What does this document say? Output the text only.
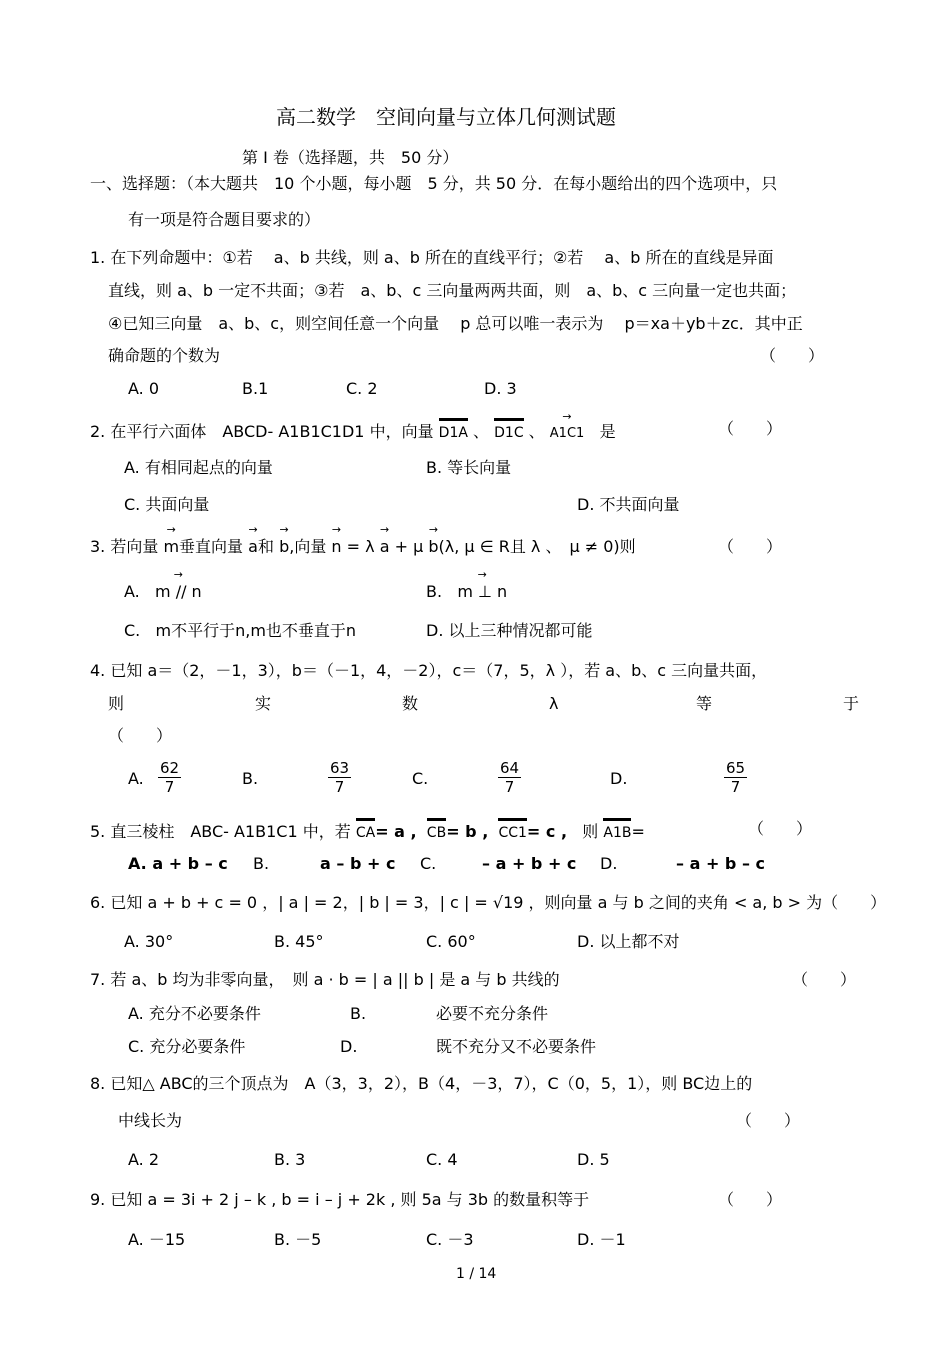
高二数学　空间向量与立体几何测试题
第 I 卷（选择题，共　50 分）
一、选择题：（本大题共　10 个小题，每小题　5 分，共 50 分．在每小题给出的四个选项中，只
有一项是符合题目要求的）
1. 在下列命题中：①若　 a、b 共线，则 a、b 所在的直线平行；②若　 a、b 所在的直线是异面
直线，则 a、b 一定不共面；③若　a、b、c 三向量两两共面，则　a、b、c 三向量一定也共面；
④已知三向量　a、b、c，则空间任意一个向量　 p 总可以唯一表示为　 p＝xa＋yb＋zc．其中正
确命题的个数为	（　　）
A. 0	B.1	C. 2	D. 3
2. 在平行六面体　ABCD- A1B1C1D1 中，向量 D1A 、 D1C 、 → A1C1 是	（　　）
A. 有相同起点的向量	B. 等长向量
C. 共面向量	D. 不共面向量
3. 若向量 → m垂直向量 → a和 → b,向量 → n = λ → a + μ → b(λ, μ ∈ R且 λ 、　μ ≠ 0)则	（　　）
A. → m // n	B. → m ⊥ n
C. m不平行于n,m也不垂直于n	D. 以上三种情况都可能
4. 已知 a＝（2，－1，3），b＝（－1，4，－2），c＝（7，5，λ ），若 a、b、c 三向量共面，
则	实	数	λ	等	于
（　　）
A. $\frac{62}{7}$	B.	$\frac{63}{7}$	C.	$\frac{64}{7}$	D.	$\frac{65}{7}$
5. 直三棱柱　ABC- A1B1C1 中，若 CA= a , CB= b , CC1= c , 则 A1B=	（　　）
A. a + b – c B.	a – b + c C.	– a + b + c D.	– a + b – c
6. 已知 a + b + c = 0 ，| a | = 2，| b | = 3，| c | = √19 ，则向量 a 与 b 之间的夹角 < a, b > 为（　　）
A. 30°	B. 45°	C. 60°	D. 以上都不对
7. 若 a、b 均为非零向量，　则 a · b = | a || b | 是 a 与 b 共线的	（　　）
A. 充分不必要条件	B.	必要不充分条件
C. 充分必要条件	D.	既不充分又不必要条件
8. 已知△ ABC的三个顶点为　A（3，3，2），B（4，－3，7），C（0，5，1），则 BC边上的
中线长为	（　　）
A. 2	B. 3	C. 4	D. 5
9. 已知 a = 3i + 2 j – k , b = i – j + 2k , 则 5a 与 3b 的数量积等于	（　　）
A. －15	B. －5	C. －3	D. －1
1 / 14
